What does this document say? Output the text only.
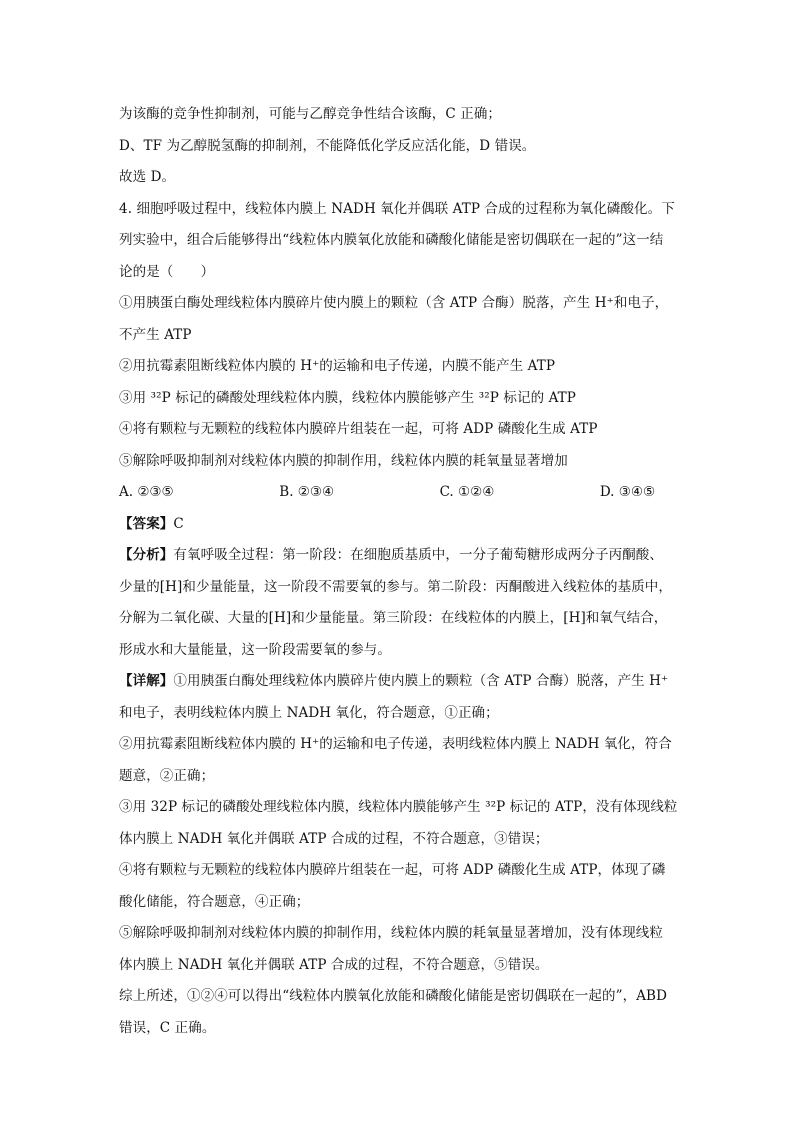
为该酶的竞争性抑制剂，可能与乙醇竞争性结合该酶，C 正确；
D、TF 为乙醇脱氢酶的抑制剂，不能降低化学反应活化能，D 错误。
故选 D。
4. 细胞呼吸过程中，线粒体内膜上 NADH 氧化并偶联 ATP 合成的过程称为氧化磷酸化。下
列实验中，组合后能够得出“线粒体内膜氧化放能和磷酸化储能是密切偶联在一起的”这一结
论的是（　　）
①用胰蛋白酶处理线粒体内膜碎片使内膜上的颗粒（含 ATP 合酶）脱落，产生 H⁺和电子，
不产生 ATP
②用抗霉素阻断线粒体内膜的 H⁺的运输和电子传递，内膜不能产生 ATP
③用 ³²P 标记的磷酸处理线粒体内膜，线粒体内膜能够产生 ³²P 标记的 ATP
④将有颗粒与无颗粒的线粒体内膜碎片组装在一起，可将 ADP 磷酸化生成 ATP
⑤解除呼吸抑制剂对线粒体内膜的抑制作用，线粒体内膜的耗氧量显著增加
A. ②③⑤	B. ②③④	C. ①②④	D. ③④⑤
【答案】C
【分析】有氧呼吸全过程：第一阶段：在细胞质基质中，一分子葡萄糖形成两分子丙酮酸、
少量的[H]和少量能量，这一阶段不需要氧的参与。第二阶段：丙酮酸进入线粒体的基质中，
分解为二氧化碳、大量的[H]和少量能量。第三阶段：在线粒体的内膜上，[H]和氧气结合，
形成水和大量能量，这一阶段需要氧的参与。
【详解】①用胰蛋白酶处理线粒体内膜碎片使内膜上的颗粒（含 ATP 合酶）脱落，产生 H⁺
和电子，表明线粒体内膜上 NADH 氧化，符合题意，①正确；
②用抗霉素阻断线粒体内膜的 H⁺的运输和电子传递，表明线粒体内膜上 NADH 氧化，符合
题意，②正确；
③用 32P 标记的磷酸处理线粒体内膜，线粒体内膜能够产生 ³²P 标记的 ATP，没有体现线粒
体内膜上 NADH 氧化并偶联 ATP 合成的过程，不符合题意，③错误；
④将有颗粒与无颗粒的线粒体内膜碎片组装在一起，可将 ADP 磷酸化生成 ATP，体现了磷
酸化储能，符合题意，④正确；
⑤解除呼吸抑制剂对线粒体内膜的抑制作用，线粒体内膜的耗氧量显著增加，没有体现线粒
体内膜上 NADH 氧化并偶联 ATP 合成的过程，不符合题意，⑤错误。
综上所述，①②④可以得出“线粒体内膜氧化放能和磷酸化储能是密切偶联在一起的”，ABD
错误，C 正确。
